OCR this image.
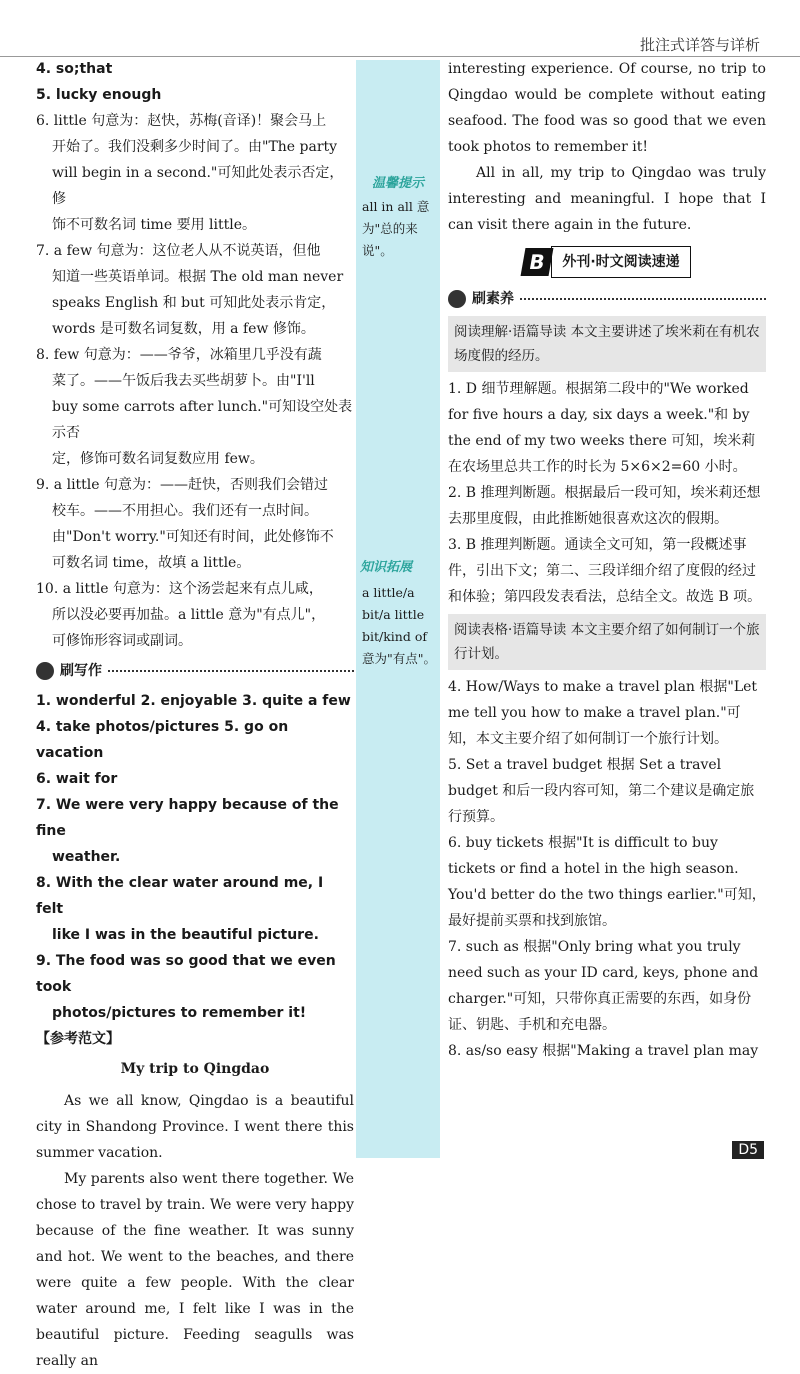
批注式详答与详析

4. so;that

5. lucky enough

6. little 句意为：赵快，苏梅(音译)！聚会马上
开始了。我们没剩多少时间了。由"The party
will begin in a second."可知此处表示否定，修
饰不可数名词 time 要用 little。
7. a few 句意为：这位老人从不说英语，但他
知道一些英语单词。根据 The old man never
speaks English 和 but 可知此处表示肯定，
words 是可数名词复数，用 a few 修饰。
8. few 句意为：——爷爷，冰箱里几乎没有蔬
菜了。——午饭后我去买些胡萝卜。由"I'll
buy some carrots after lunch."可知设空处表示否
定，修饰可数名词复数应用 few。
9. a little 句意为：——赶快，否则我们会错过
校车。——不用担心。我们还有一点时间。
由"Don't worry."可知还有时间，此处修饰不
可数名词 time，故填 a little。
10. a little 句意为：这个汤尝起来有点儿咸，
所以没必要再加盐。a little 意为"有点儿"，
可修饰形容词或副词。
刷写作
1. wonderful 2. enjoyable 3. quite a few
4. take photos/pictures 5. go on vacation
6. wait for
7. We were very happy because of the fine
weather.
8. With the clear water around me, I felt
like I was in the beautiful picture.
9. The food was so good that we even took
photos/pictures to remember it!
【参考范文】
My trip to Qingdao

As we all know, Qingdao is a beautiful city in Shandong Province. I went there this summer vacation.

My parents also went there together. We chose to travel by train. We were very happy because of the fine weather. It was sunny and hot. We went to the beaches, and there were quite a few people. With the clear water around me, I felt like I was in the beautiful picture. Feeding seagulls was really an

温馨提示
all in all 意为"总的来说"。
知识拓展
a little/a bit/a little bit/kind of 意为"有点"。

interesting experience. Of course, no trip to Qingdao would be complete without eating seafood. The food was so good that we even took photos to remember it!

All in all, my trip to Qingdao was truly interesting and meaningful. I hope that I can visit there again in the future.

B	外刊·时文阅读速递
刷素养
阅读理解·语篇导读 本文主要讲述了埃米莉在有机农场度假的经历。
1. D 细节理解题。根据第二段中的"We worked for five hours a day, six days a week."和 by the end of my two weeks there 可知，埃米莉在农场里总共工作的时长为 5×6×2=60 小时。
2. B 推理判断题。根据最后一段可知，埃米莉还想去那里度假，由此推断她很喜欢这次的假期。
3. B 推理判断题。通读全文可知，第一段概述事件，引出下文；第二、三段详细介绍了度假的经过和体验；第四段发表看法，总结全文。故选 B 项。
阅读表格·语篇导读 本文主要介绍了如何制订一个旅行计划。
4. How/Ways to make a travel plan 根据"Let me tell you how to make a travel plan."可知，本文主要介绍了如何制订一个旅行计划。
5. Set a travel budget 根据 Set a travel budget 和后一段内容可知，第二个建议是确定旅行预算。
6. buy tickets 根据"It is difficult to buy tickets or find a hotel in the high season. You'd better do the two things earlier."可知，最好提前买票和找到旅馆。
7. such as 根据"Only bring what you truly need such as your ID card, keys, phone and charger."可知，只带你真正需要的东西，如身份证、钥匙、手机和充电器。
8. as/so easy 根据"Making a travel plan may
D5
